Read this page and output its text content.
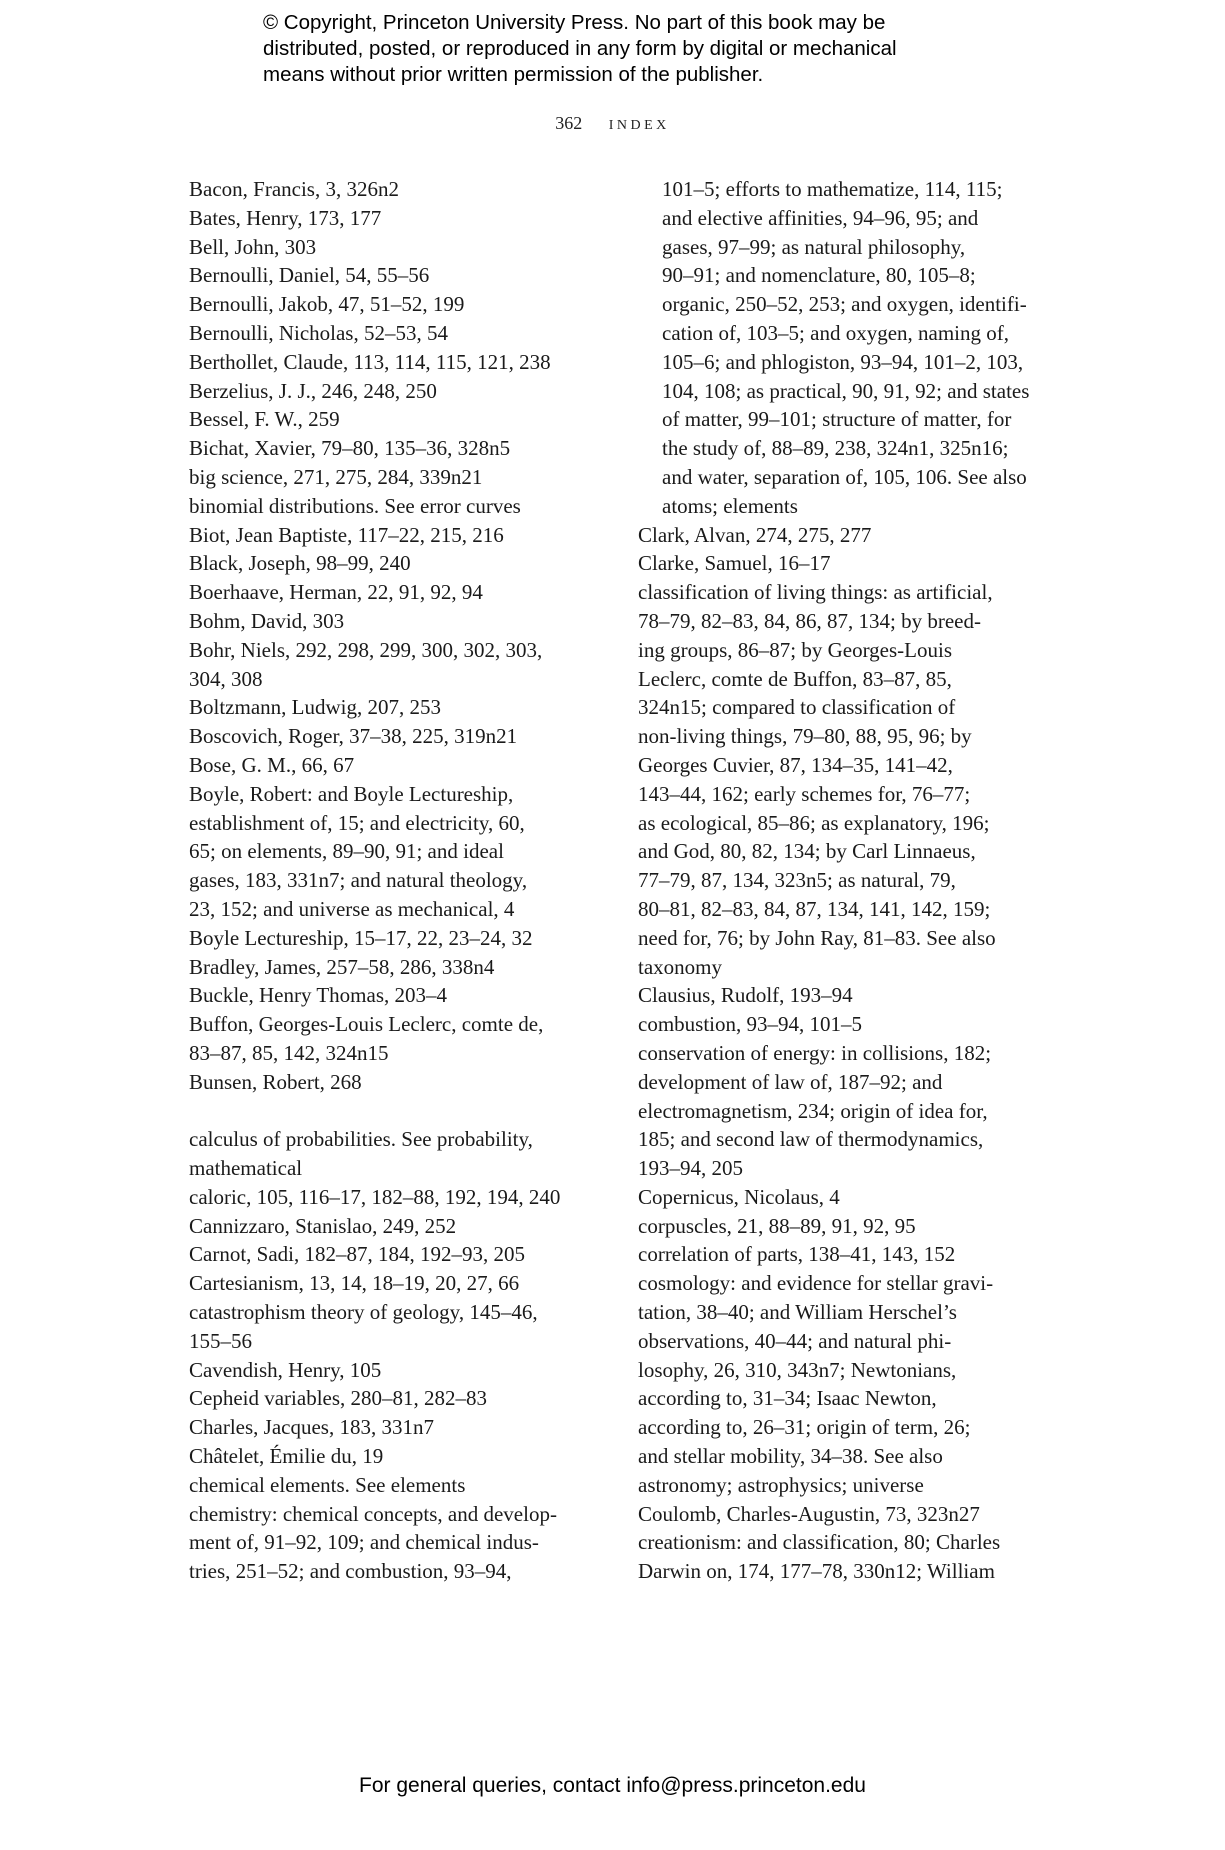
© Copyright, Princeton University Press. No part of this book may be
distributed, posted, or reproduced in any form by digital or mechanical
means without prior written permission of the publisher.
362 index
Bacon, Francis, 3, 326n2
Bates, Henry, 173, 177
Bell, John, 303
Bernoulli, Daniel, 54, 55–56
Bernoulli, Jakob, 47, 51–52, 199
Bernoulli, Nicholas, 52–53, 54
Berthollet, Claude, 113, 114, 115, 121, 238
Berzelius, J. J., 246, 248, 250
Bessel, F. W., 259
Bichat, Xavier, 79–80, 135–36, 328n5
big science, 271, 275, 284, 339n21
binomial distributions. See error curves
Biot, Jean Baptiste, 117–22, 215, 216
Black, Joseph, 98–99, 240
Boerhaave, Herman, 22, 91, 92, 94
Bohm, David, 303
Bohr, Niels, 292, 298, 299, 300, 302, 303,
304, 308
Boltzmann, Ludwig, 207, 253
Boscovich, Roger, 37–38, 225, 319n21
Bose, G. M., 66, 67
Boyle, Robert: and Boyle Lectureship,
establishment of, 15; and electricity, 60,
65; on elements, 89–90, 91; and ideal
gases, 183, 331n7; and natural theology,
23, 152; and universe as mechanical, 4
Boyle Lectureship, 15–17, 22, 23–24, 32
Bradley, James, 257–58, 286, 338n4
Buckle, Henry Thomas, 203–4
Buffon, Georges-Louis Leclerc, comte de,
83–87, 85, 142, 324n15
Bunsen, Robert, 268
calculus of probabilities. See probability,
mathematical
caloric, 105, 116–17, 182–88, 192, 194, 240
Cannizzaro, Stanislao, 249, 252
Carnot, Sadi, 182–87, 184, 192–93, 205
Cartesianism, 13, 14, 18–19, 20, 27, 66
catastrophism theory of geology, 145–46,
155–56
Cavendish, Henry, 105
Cepheid variables, 280–81, 282–83
Charles, Jacques, 183, 331n7
Châtelet, Émilie du, 19
chemical elements. See elements
chemistry: chemical concepts, and develop-
ment of, 91–92, 109; and chemical indus-
tries, 251–52; and combustion, 93–94,
101–5; efforts to mathematize, 114, 115;
and elective affinities, 94–96, 95; and
gases, 97–99; as natural philosophy,
90–91; and nomenclature, 80, 105–8;
organic, 250–52, 253; and oxygen, identifi-
cation of, 103–5; and oxygen, naming of,
105–6; and phlogiston, 93–94, 101–2, 103,
104, 108; as practical, 90, 91, 92; and states
of matter, 99–101; structure of matter, for
the study of, 88–89, 238, 324n1, 325n16;
and water, separation of, 105, 106. See also
atoms; elements
Clark, Alvan, 274, 275, 277
Clarke, Samuel, 16–17
classification of living things: as artificial,
78–79, 82–83, 84, 86, 87, 134; by breed-
ing groups, 86–87; by Georges-Louis
Leclerc, comte de Buffon, 83–87, 85,
324n15; compared to classification of
non-living things, 79–80, 88, 95, 96; by
Georges Cuvier, 87, 134–35, 141–42,
143–44, 162; early schemes for, 76–77;
as ecological, 85–86; as explanatory, 196;
and God, 80, 82, 134; by Carl Linnaeus,
77–79, 87, 134, 323n5; as natural, 79,
80–81, 82–83, 84, 87, 134, 141, 142, 159;
need for, 76; by John Ray, 81–83. See also
taxonomy
Clausius, Rudolf, 193–94
combustion, 93–94, 101–5
conservation of energy: in collisions, 182;
development of law of, 187–92; and
electromagnetism, 234; origin of idea for,
185; and second law of thermodynamics,
193–94, 205
Copernicus, Nicolaus, 4
corpuscles, 21, 88–89, 91, 92, 95
correlation of parts, 138–41, 143, 152
cosmology: and evidence for stellar gravi-
tation, 38–40; and William Herschel’s
observations, 40–44; and natural phi-
losophy, 26, 310, 343n7; Newtonians,
according to, 31–34; Isaac Newton,
according to, 26–31; origin of term, 26;
and stellar mobility, 34–38. See also
astronomy; astrophysics; universe
Coulomb, Charles-Augustin, 73, 323n27
creationism: and classification, 80; Charles
Darwin on, 174, 177–78, 330n12; William
For general queries, contact info@press.princeton.edu
